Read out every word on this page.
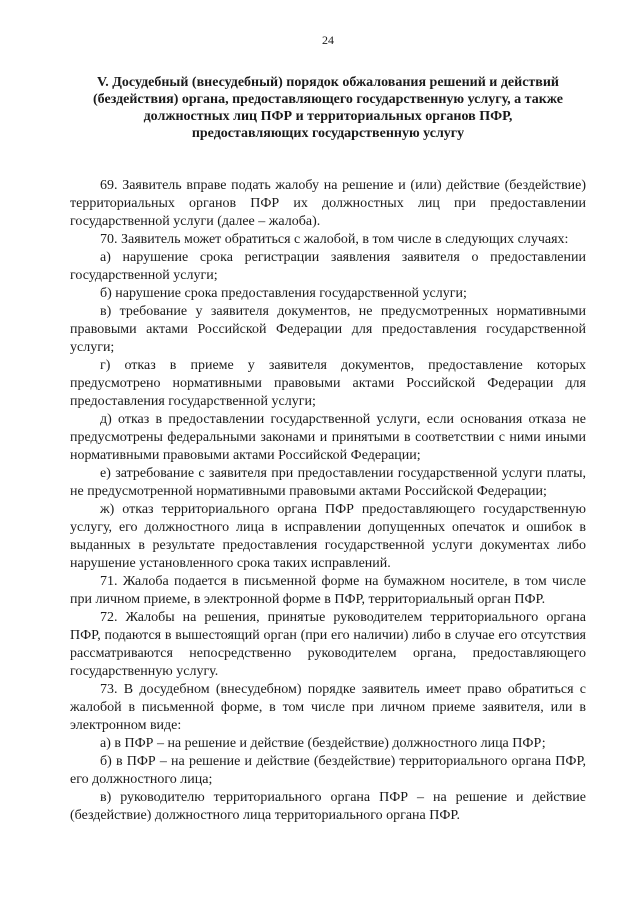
24
V. Досудебный (внесудебный) порядок обжалования решений и действий
(бездействия) органа, предоставляющего государственную услугу, а также
должностных лиц ПФР и территориальных органов ПФР,
предоставляющих государственную услугу

69. Заявитель вправе подать жалобу на решение и (или) действие (бездействие) территориальных органов ПФР их должностных лиц при предоставлении государственной услуги (далее – жалоба).

70. Заявитель может обратиться с жалобой, в том числе в следующих случаях:

а) нарушение срока регистрации заявления заявителя о предоставлении государственной услуги;

б) нарушение срока предоставления государственной услуги;

в) требование у заявителя документов, не предусмотренных нормативными правовыми актами Российской Федерации для предоставления государственной услуги;

г) отказ в приеме у заявителя документов, предоставление которых предусмотрено нормативными правовыми актами Российской Федерации для предоставления государственной услуги;

д) отказ в предоставлении государственной услуги, если основания отказа не предусмотрены федеральными законами и принятыми в соответствии с ними иными нормативными правовыми актами Российской Федерации;

е) затребование с заявителя при предоставлении государственной услуги платы, не предусмотренной нормативными правовыми актами Российской Федерации;

ж) отказ территориального органа ПФР предоставляющего государственную услугу, его должностного лица в исправлении допущенных опечаток и ошибок в выданных в результате предоставления государственной услуги документах либо нарушение установленного срока таких исправлений.

71. Жалоба подается в письменной форме на бумажном носителе, в том числе при личном приеме, в электронной форме в ПФР, территориальный орган ПФР.

72. Жалобы на решения, принятые руководителем территориального органа ПФР, подаются в вышестоящий орган (при его наличии) либо в случае его отсутствия рассматриваются непосредственно руководителем органа, предоставляющего государственную услугу.

73. В досудебном (внесудебном) порядке заявитель имеет право обратиться с жалобой в письменной форме, в том числе при личном приеме заявителя, или в электронном виде:

а) в ПФР – на решение и действие (бездействие) должностного лица ПФР;

б) в ПФР – на решение и действие (бездействие) территориального органа ПФР, его должностного лица;

в) руководителю территориального органа ПФР – на решение и действие (бездействие) должностного лица территориального органа ПФР.
